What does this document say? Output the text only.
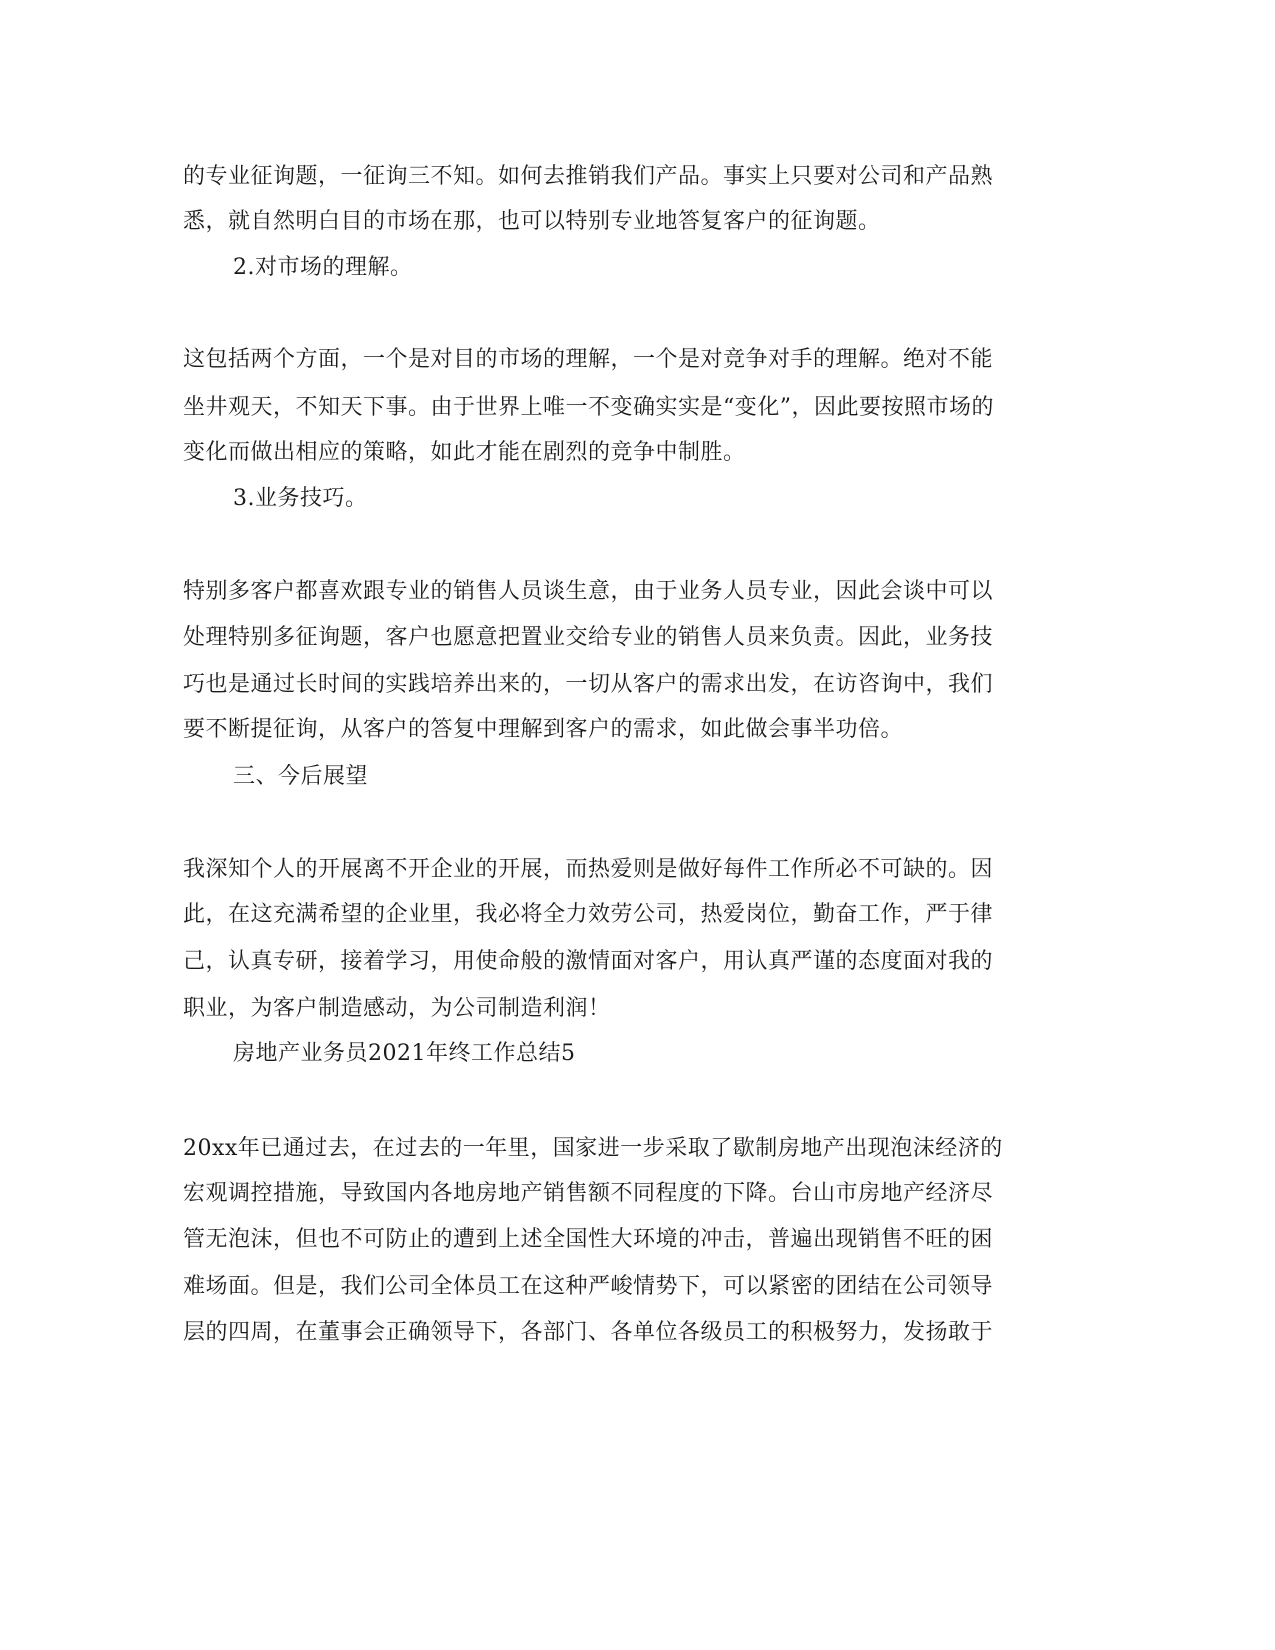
的专业征询题，一征询三不知。如何去推销我们产品。事实上只要对公司和产品熟
悉，就自然明白目的市场在那，也可以特别专业地答复客户的征询题。
2.对市场的理解。
这包括两个方面，一个是对目的市场的理解，一个是对竞争对手的理解。绝对不能
坐井观天，不知天下事。由于世界上唯一不变确实实是“变化”，因此要按照市场的
变化而做出相应的策略，如此才能在剧烈的竞争中制胜。
3.业务技巧。
特别多客户都喜欢跟专业的销售人员谈生意，由于业务人员专业，因此会谈中可以
处理特别多征询题，客户也愿意把置业交给专业的销售人员来负责。因此，业务技
巧也是通过长时间的实践培养出来的，一切从客户的需求出发，在访咨询中，我们
要不断提征询，从客户的答复中理解到客户的需求，如此做会事半功倍。
三、今后展望
我深知个人的开展离不开企业的开展，而热爱则是做好每件工作所必不可缺的。因
此，在这充满希望的企业里，我必将全力效劳公司，热爱岗位，勤奋工作，严于律
己，认真专研，接着学习，用使命般的激情面对客户，用认真严谨的态度面对我的
职业，为客户制造感动，为公司制造利润！
房地产业务员2021年终工作总结5
20xx年已通过去，在过去的一年里，国家进一步采取了歇制房地产出现泡沫经济的
宏观调控措施，导致国内各地房地产销售额不同程度的下降。台山市房地产经济尽
管无泡沫，但也不可防止的遭到上述全国性大环境的冲击，普遍出现销售不旺的困
难场面。但是，我们公司全体员工在这种严峻情势下，可以紧密的团结在公司领导
层的四周，在董事会正确领导下，各部门、各单位各级员工的积极努力，发扬敢于
